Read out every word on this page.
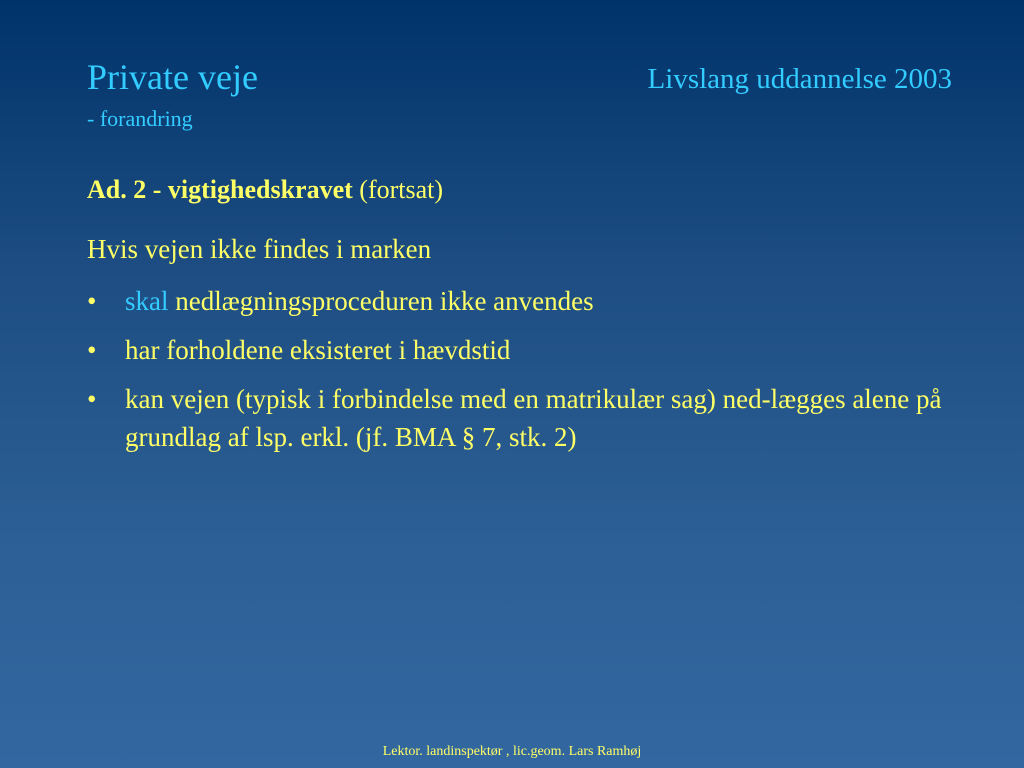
Private veje
- forandring
Livslang uddannelse 2003
Ad. 2 - vigtighedskravet (fortsat)
Hvis vejen ikke findes i marken
• skal nedlægningsproceduren ikke anvendes
• har forholdene eksisteret i hævdstid
• kan vejen (typisk i forbindelse med en matrikulær sag) ned-lægges alene på grundlag af lsp. erkl. (jf. BMA § 7, stk. 2)
Lektor. landinspektør , lic.geom. Lars Ramhøj
